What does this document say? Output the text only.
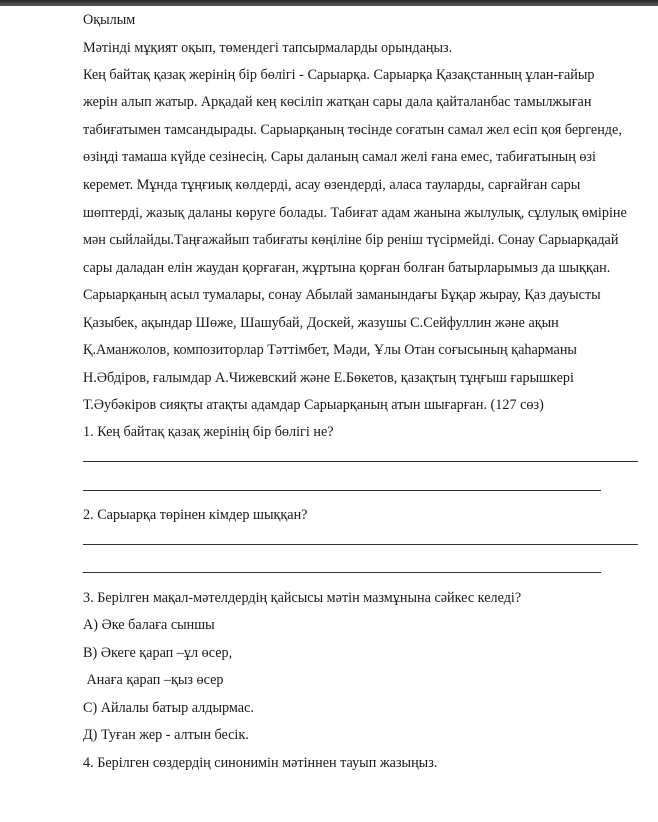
Оқылым
Мәтінді мұқият оқып, төмендегі тапсырмаларды орындаңыз.
Кең байтақ қазақ жерінің бір бөлігі - Сарыарқа. Сарыарқа Қазақстанның ұлан-ғайыр
жерін алып жатыр. Арқадай кең көсіліп жатқан сары дала қайталанбас тамылжыған
табиғатымен тамсандырады. Сарыарқаның төсінде соғатын самал жел есіп қоя бергенде,
өзіңді тамаша күйде сезінесің. Сары даланың самал желі ғана емес, табиғатының өзі
керемет. Мұнда тұңғиық көлдерді, асау өзендерді, аласа тауларды, сарғайған сары
шөптерді, жазық даланы көруге болады. Табиғат адам жанына жылулық, сұлулық өміріне
мән сыйлайды.Таңғажайып табиғаты көңіліне бір реніш түсірмейді. Сонау Сарыарқадай
сары даладан елін жаудан қорғаған, жұртына қорған болған батырларымыз да шыққан.
Сарыарқаның асыл тумалары, сонау Абылай заманындағы Бұқар жырау, Қаз дауысты
Қазыбек, ақындар Шөже, Шашубай, Доскей, жазушы С.Сейфуллин және ақын
Қ.Аманжолов, композиторлар Тәттімбет, Мәди, Ұлы Отан соғысының қаһарманы
Н.Әбдіров, ғалымдар А.Чижевский және Е.Бөкетов, қазақтың тұңғыш ғарышкері
Т.Әубәкіров сияқты атақты адамдар Сарыарқаның атын шығарған. (127 сөз)
1. Кең байтақ қазақ жерінің бір бөлігі не?
2. Сарыарқа төрінен кімдер шыққан?
3. Берілген мақал-мәтелдердің қайсысы мәтін мазмұнына сәйкес келеді?
А) Әке балаға сыншы
В) Әкеге қарап –ұл өсер,
Анаға қарап –қыз өсер
С) Айлалы батыр алдырмас.
Д) Туған жер - алтын бесік.
4. Берілген сөздердің синонимін мәтіннен тауып жазыңыз.
